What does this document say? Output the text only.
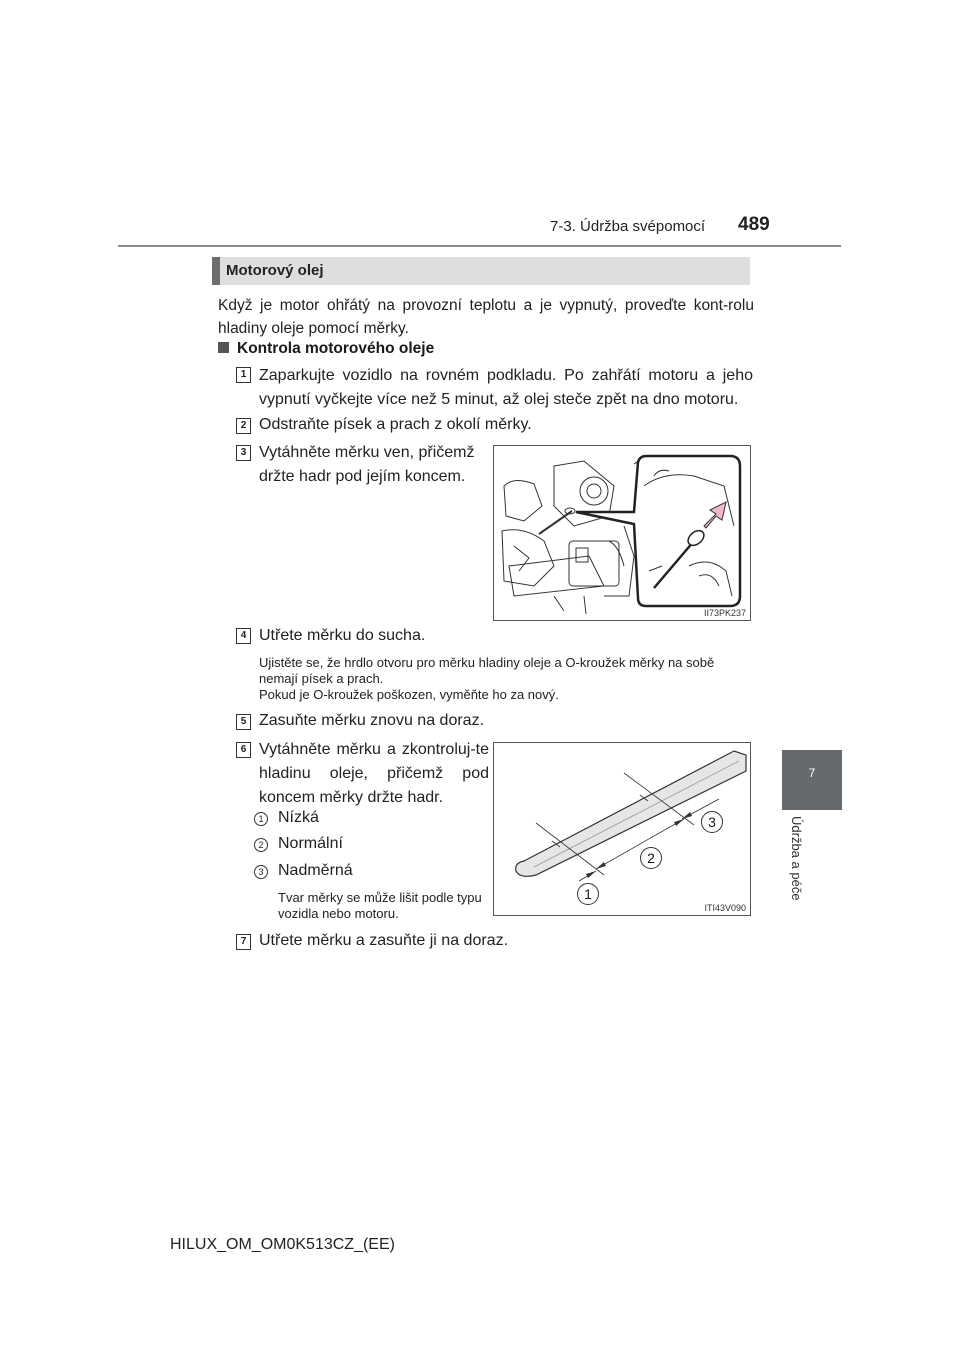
7-3. Údržba svépomocí 489
7
Údržba a péče
Motorový olej
Když je motor ohřátý na provozní teplotu a je vypnutý, proveďte kont-rolu hladiny oleje pomocí měrky.
Kontrola motorového oleje
1 Zaparkujte vozidlo na rovném podkladu. Po zahřátí motoru a jeho vypnutí vyčkejte více než 5 minut, až olej steče zpět na dno motoru.
2 Odstraňte písek a prach z okolí měrky.
3 Vytáhněte měrku ven, přičemž držte hadr pod jejím koncem.
II73PK237
4 Utřete měrku do sucha.
Ujistěte se, že hrdlo otvoru pro měrku hladiny oleje a O-kroužek měrky na sobě nemají písek a prach.
Pokud je O-kroužek poškozen, vyměňte ho za nový.
5 Zasuňte měrku znovu na doraz.
6 Vytáhněte měrku a zkontroluj-te hladinu oleje, přičemž pod koncem měrky držte hadr.
1 Nízká
2 Normální
3 Nadměrná
Tvar měrky se může lišit podle typu vozidla nebo motoru.
1
2
3
ITI43V090
7 Utřete měrku a zasuňte ji na doraz.
HILUX_OM_OM0K513CZ_(EE)
